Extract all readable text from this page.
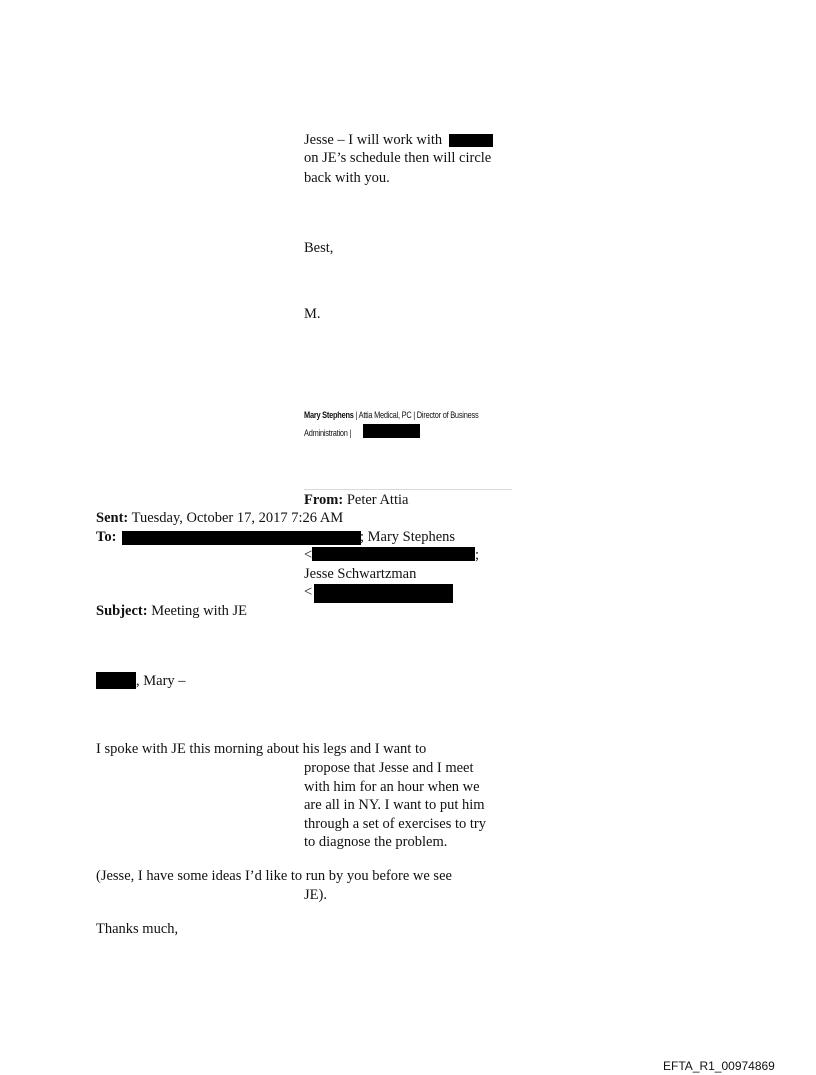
Jesse – I will work with
on JE’s schedule then will circle
back with you.
Best,
M.
Mary Stephens | Attia Medical, PC | Director of Business
Administration |
From: Peter Attia
Sent: Tuesday, October 17, 2017 7:26 AM
To:	; Mary Stephens
<	;
Jesse Schwartzman
<
Subject: Meeting with JE
, Mary –
I spoke with JE this morning about his legs and I want to
propose that Jesse and I meet
with him for an hour when we
are all in NY. I want to put him
through a set of exercises to try
to diagnose the problem.
(Jesse, I have some ideas I’d like to run by you before we see
JE).
Thanks much,
EFTA_R1_00974869
